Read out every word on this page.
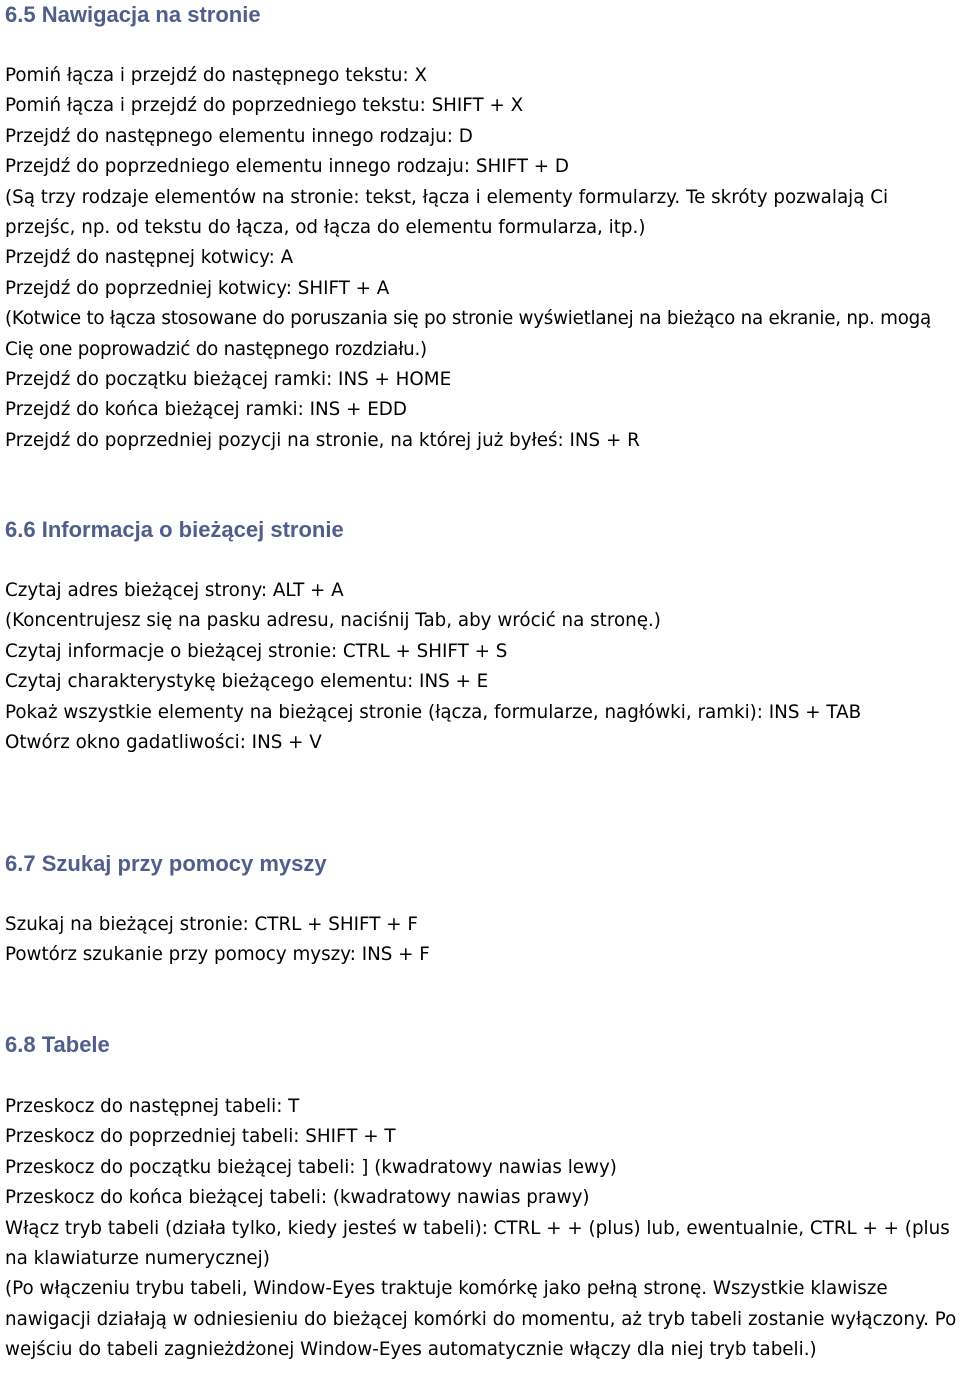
6.5 Nawigacja na stronie

Pomiń łącza i przejdź do następnego tekstu: X

Pomiń łącza i przejdź do poprzedniego tekstu: SHIFT + X

Przejdź do następnego elementu innego rodzaju: D

Przejdź do poprzedniego elementu innego rodzaju: SHIFT + D

(Są trzy rodzaje elementów na stronie: tekst, łącza i elementy formularzy. Te skróty pozwalają Ci przejśc, np. od tekstu do łącza, od łącza do elementu formularza, itp.)

Przejdź do następnej kotwicy: A

Przejdź do poprzedniej kotwicy: SHIFT + A

(Kotwice to łącza stosowane do poruszania się po stronie wyświetlanej na bieżąco na ekranie, np. mogą Cię one poprowadzić do następnego rozdziału.)

Przejdź do początku bieżącej ramki: INS + HOME

Przejdź do końca bieżącej ramki: INS + EDD

Przejdź do poprzedniej pozycji na stronie, na której już byłeś: INS + R

6.6 Informacja o bieżącej stronie

Czytaj adres bieżącej strony: ALT + A

(Koncentrujesz się na pasku adresu, naciśnij Tab, aby wrócić na stronę.)

Czytaj informacje o bieżącej stronie: CTRL + SHIFT + S

Czytaj charakterystykę bieżącego elementu: INS + E

Pokaż wszystkie elementy na bieżącej stronie (łącza, formularze, nagłówki, ramki): INS + TAB

Otwórz okno gadatliwości: INS + V

6.7 Szukaj przy pomocy myszy

Szukaj na bieżącej stronie: CTRL + SHIFT + F

Powtórz szukanie przy pomocy myszy: INS + F

6.8 Tabele

Przeskocz do następnej tabeli: T

Przeskocz do poprzedniej tabeli: SHIFT + T

Przeskocz do początku bieżącej tabeli: ] (kwadratowy nawias lewy)

Przeskocz do końca bieżącej tabeli: (kwadratowy nawias prawy)

Włącz tryb tabeli (działa tylko, kiedy jesteś w tabeli): CTRL + + (plus) lub, ewentualnie, CTRL + + (plus na klawiaturze numerycznej)

(Po włączeniu trybu tabeli, Window-Eyes traktuje komórkę jako pełną stronę. Wszystkie klawisze nawigacji działają w odniesieniu do bieżącej komórki do momentu, aż tryb tabeli zostanie wyłączony. Po wejściu do tabeli zagnieżdżonej Window-Eyes automatycznie włączy dla niej tryb tabeli.)
